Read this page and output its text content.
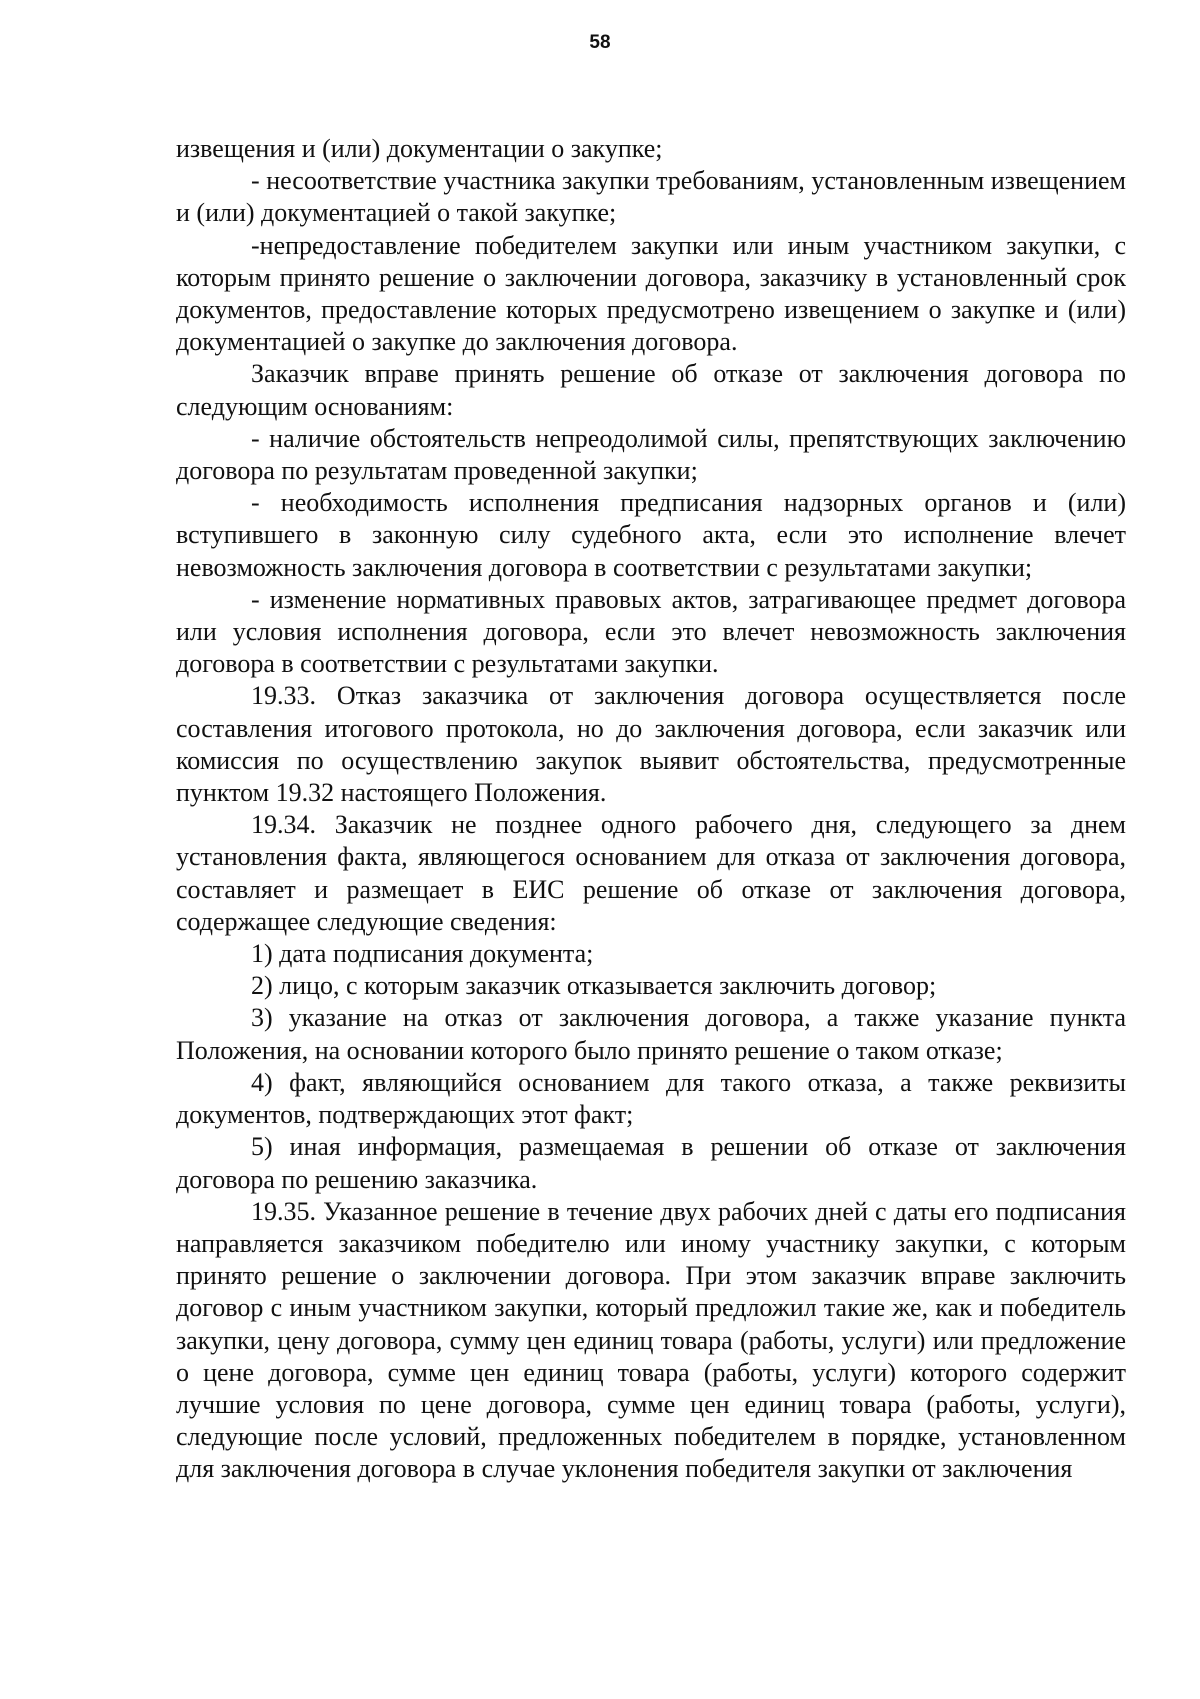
58

извещения и (или) документации о закупке;

- несоответствие участника закупки требованиям, установленным извещением и (или) документацией о такой закупке;

-непредоставление победителем закупки или иным участником закупки, с которым принято решение о заключении договора, заказчику в установленный срок документов, предоставление которых предусмотрено извещением о закупке и (или) документацией о закупке до заключения договора.

Заказчик вправе принять решение об отказе от заключения договора по следующим основаниям:

- наличие обстоятельств непреодолимой силы, препятствующих заключению договора по результатам проведенной закупки;

- необходимость исполнения предписания надзорных органов и (или) вступившего в законную силу судебного акта, если это исполнение влечет невозможность заключения договора в соответствии с результатами закупки;

- изменение нормативных правовых актов, затрагивающее предмет договора или условия исполнения договора, если это влечет невозможность заключения договора в соответствии с результатами закупки.

19.33. Отказ заказчика от заключения договора осуществляется после составления итогового протокола, но до заключения договора, если заказчик или комиссия по осуществлению закупок выявит обстоятельства, предусмотренные пунктом 19.32 настоящего Положения.

19.34. Заказчик не позднее одного рабочего дня, следующего за днем установления факта, являющегося основанием для отказа от заключения договора, составляет и размещает в ЕИС решение об отказе от заключения договора, содержащее следующие сведения:

1) дата подписания документа;

2) лицо, с которым заказчик отказывается заключить договор;

3) указание на отказ от заключения договора, а также указание пункта Положения, на основании которого было принято решение о таком отказе;

4) факт, являющийся основанием для такого отказа, а также реквизиты документов, подтверждающих этот факт;

5) иная информация, размещаемая в решении об отказе от заключения договора по решению заказчика.

19.35. Указанное решение в течение двух рабочих дней с даты его подписания направляется заказчиком победителю или иному участнику закупки, с которым принято решение о заключении договора. При этом заказчик вправе заключить договор с иным участником закупки, который предложил такие же, как и победитель закупки, цену договора, сумму цен единиц товара (работы, услуги) или предложение о цене договора, сумме цен единиц товара (работы, услуги) которого содержит лучшие условия по цене договора, сумме цен единиц товара (работы, услуги), следующие после условий, предложенных победителем в порядке, установленном для заключения договора в случае уклонения победителя закупки от заключения
